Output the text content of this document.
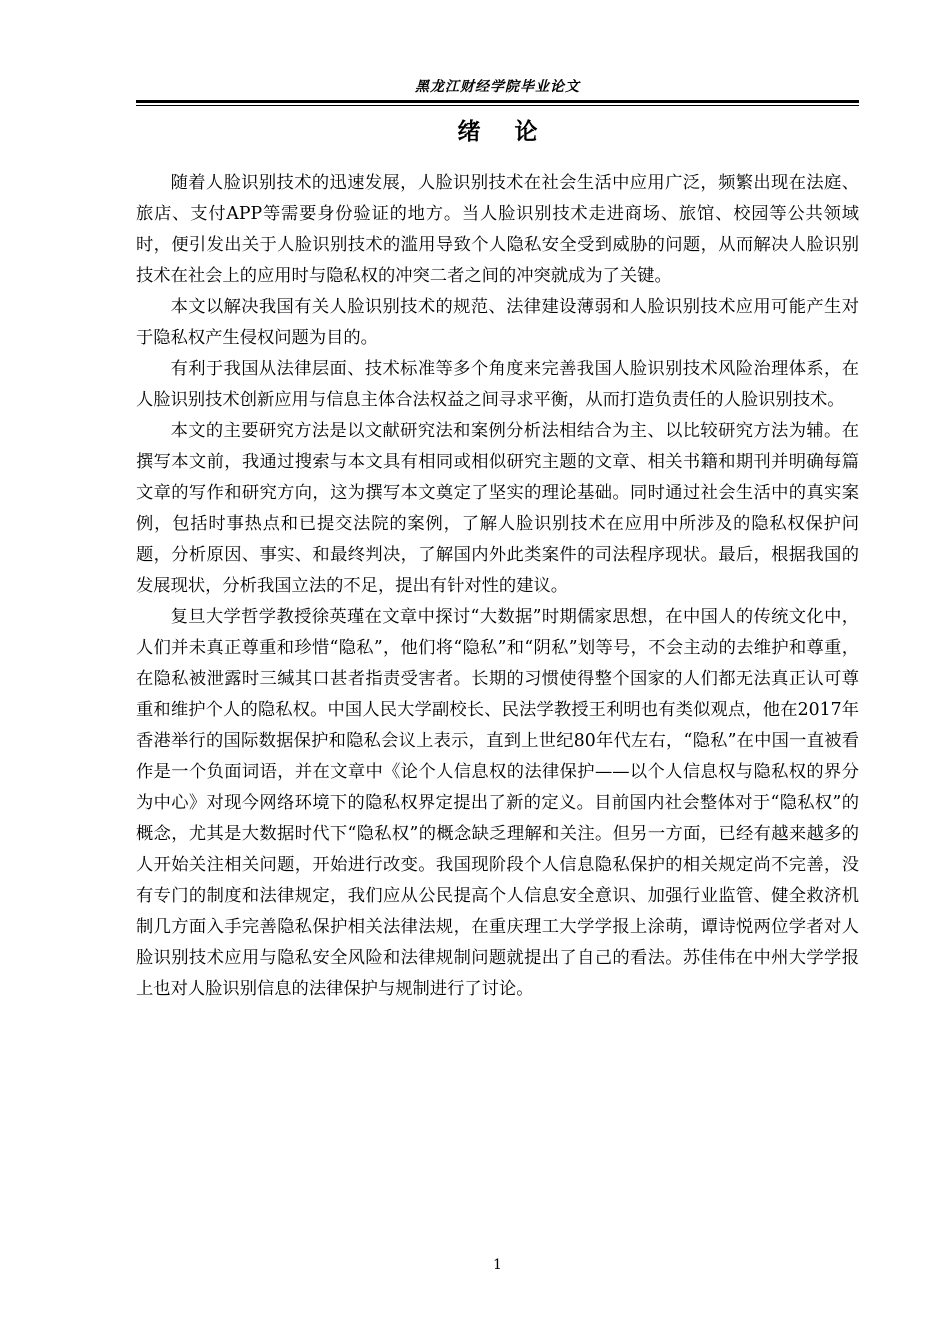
黑龙江财经学院毕业论文
绪论

随着人脸识别技术的迅速发展，人脸识别技术在社会生活中应用广泛，频繁出现在法庭、旅店、支付APP等需要身份验证的地方。当人脸识别技术走进商场、旅馆、校园等公共领域时，便引发出关于人脸识别技术的滥用导致个人隐私安全受到威胁的问题，从而解决人脸识别技术在社会上的应用时与隐私权的冲突二者之间的冲突就成为了关键。

本文以解决我国有关人脸识别技术的规范、法律建设薄弱和人脸识别技术应用可能产生对于隐私权产生侵权问题为目的。

有利于我国从法律层面、技术标准等多个角度来完善我国人脸识别技术风险治理体系，在人脸识别技术创新应用与信息主体合法权益之间寻求平衡，从而打造负责任的人脸识别技术。

本文的主要研究方法是以文献研究法和案例分析法相结合为主、以比较研究方法为辅。在撰写本文前，我通过搜索与本文具有相同或相似研究主题的文章、相关书籍和期刊并明确每篇文章的写作和研究方向，这为撰写本文奠定了坚实的理论基础。同时通过社会生活中的真实案例，包括时事热点和已提交法院的案例，了解人脸识别技术在应用中所涉及的隐私权保护问题，分析原因、事实、和最终判决，了解国内外此类案件的司法程序现状。最后，根据我国的发展现状，分析我国立法的不足，提出有针对性的建议。

复旦大学哲学教授徐英瑾在文章中探讨“大数据”时期儒家思想，在中国人的传统文化中，人们并未真正尊重和珍惜“隐私”，他们将“隐私”和“阴私”划等号，不会主动的去维护和尊重，在隐私被泄露时三缄其口甚者指责受害者。长期的习惯使得整个国家的人们都无法真正认可尊重和维护个人的隐私权。中国人民大学副校长、民法学教授王利明也有类似观点，他在2017年香港举行的国际数据保护和隐私会议上表示，直到上世纪80年代左右，“隐私”在中国一直被看作是一个负面词语，并在文章中《论个人信息权的法律保护——以个人信息权与隐私权的界分为中心》对现今网络环境下的隐私权界定提出了新的定义。目前国内社会整体对于“隐私权”的概念，尤其是大数据时代下“隐私权”的概念缺乏理解和关注。但另一方面，已经有越来越多的人开始关注相关问题，开始进行改变。我国现阶段个人信息隐私保护的相关规定尚不完善，没有专门的制度和法律规定，我们应从公民提高个人信息安全意识、加强行业监管、健全救济机制几方面入手完善隐私保护相关法律法规，在重庆理工大学学报上涂萌，谭诗悦两位学者对人脸识别技术应用与隐私安全风险和法律规制问题就提出了自己的看法。苏佳伟在中州大学学报上也对人脸识别信息的法律保护与规制进行了讨论。

1
